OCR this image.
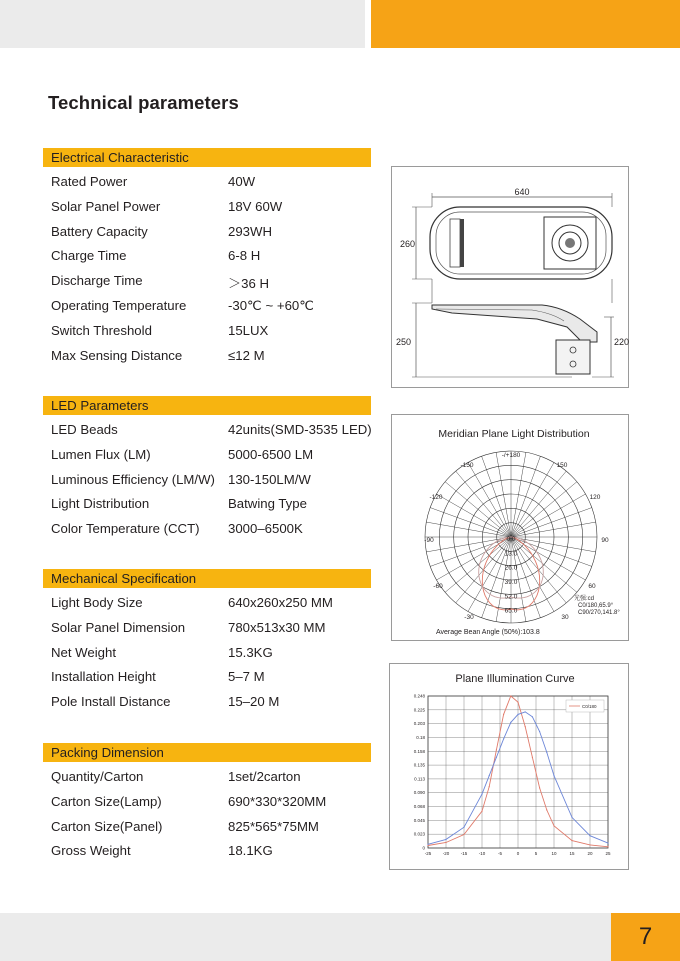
Technical parameters
Electrical Characteristic
Rated Power	40W
Solar Panel Power	18V 60W
Battery Capacity	293WH
Charge Time	6-8 H
Discharge Time	＞36 H
Operating Temperature	-30℃ ~ +60℃
Switch Threshold	15LUX
Max Sensing Distance	≤12 M
LED Parameters
LED Beads	42units(SMD-3535 LED)
Lumen Flux (LM)	5000-6500 LM
Luminous Efficiency (LM/W) 130-150LM/W
Light Distribution	Batwing Type
Color Temperature (CCT) 3000–6500K
Mechanical Specification
Light Body Size	640x260x250 MM
Solar Panel Dimension	780x513x30 MM
Net Weight	15.3KG
Installation Height	5–7 M
Pole Install Distance	15–20 M
Packing Dimension
Quantity/Carton	1set/2carton
Carton Size(Lamp)	690*330*320MM
Carton Size(Panel)	825*565*75MM
Gross Weight	18.1KG
640
260
250	220
Meridian Plane Light Distribution
-/+180
150
120
90
60
30
-30
-60
-90
-120
-150
0.0
13.0
26.0
39.0
52.0
65.0
光强:cd
C0/180,65.9°
C90/270,141.8°
Average Bean Angle (50%):103.8
Plane Illumination Curve
-25	-20	-15	-10	-5	0	5	10	15	20	25
0
0.023
0.045
0.068
0.090
0.113
0.135
0.158
0.18
0.203
0.225
0.248
C0/180
7
